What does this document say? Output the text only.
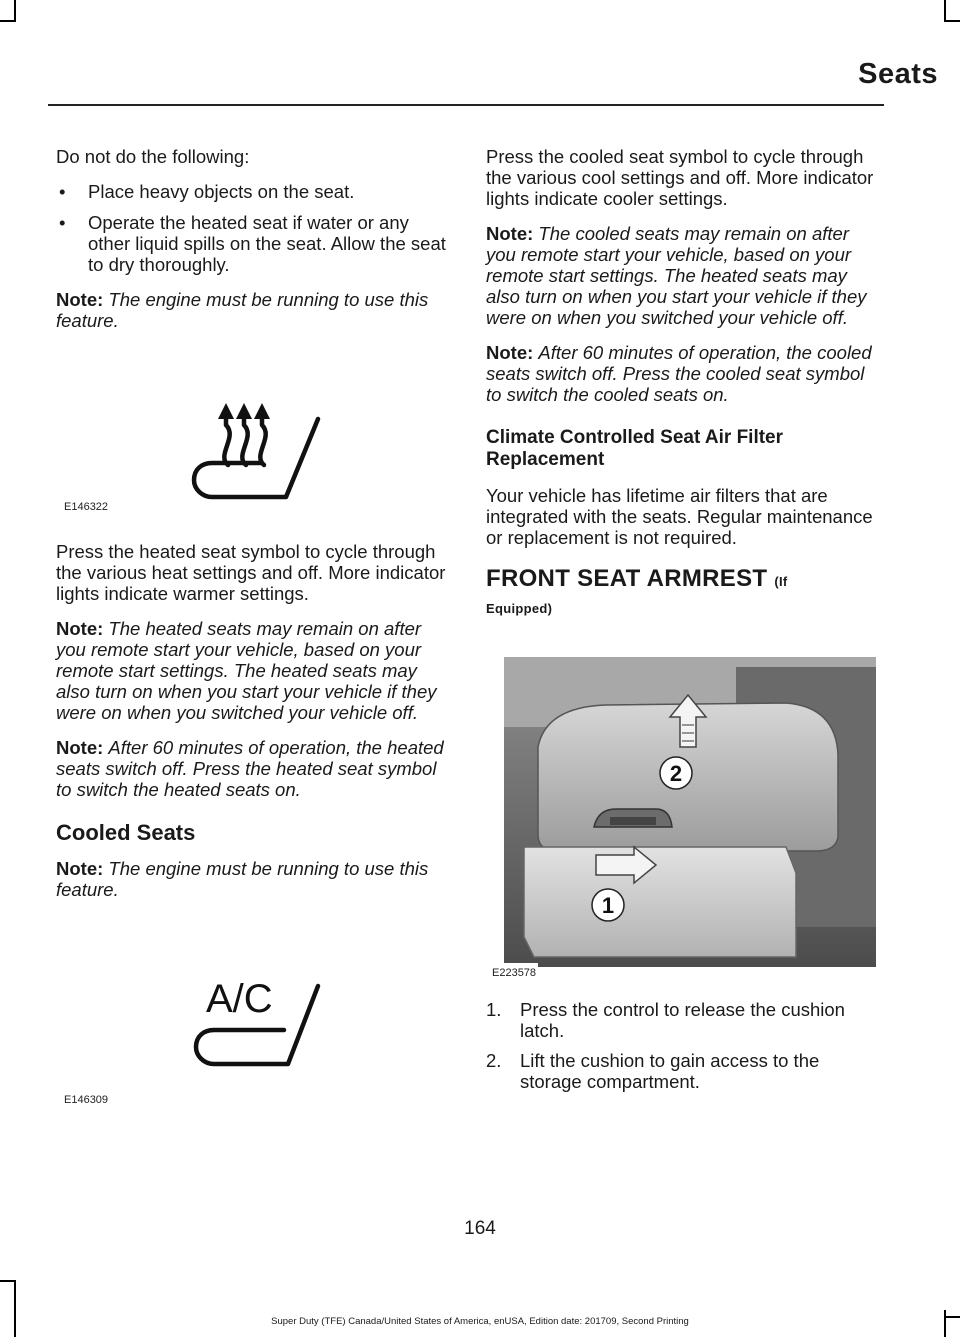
Seats

Do not do the following:

• Place heavy objects on the seat.
• Operate the heated seat if water or any other liquid spills on the seat. Allow the seat to dry thoroughly.

Note: The engine must be running to use this feature.

E146322

Press the heated seat symbol to cycle through the various heat settings and off. More indicator lights indicate warmer settings.

Note: The heated seats may remain on after you remote start your vehicle, based on your remote start settings. The heated seats may also turn on when you start your vehicle if they were on when you switched your vehicle off.

Note: After 60 minutes of operation, the heated seats switch off. Press the heated seat symbol to switch the heated seats on.

Cooled Seats

Note: The engine must be running to use this feature.

A/C
E146309

Press the cooled seat symbol to cycle through the various cool settings and off. More indicator lights indicate cooler settings.

Note: The cooled seats may remain on after you remote start your vehicle, based on your remote start settings. The heated seats may also turn on when you start your vehicle if they were on when you switched your vehicle off.

Note: After 60 minutes of operation, the cooled seats switch off. Press the cooled seat symbol to switch the cooled seats on.

Climate Controlled Seat Air Filter Replacement

Your vehicle has lifetime air filters that are integrated with the seats. Regular maintenance or replacement is not required.

FRONT SEAT ARMREST (If
Equipped)
2
1
E223578
1. Press the control to release the cushion latch.
2. Lift the cushion to gain access to the storage compartment.
164
Super Duty (TFE) Canada/United States of America, enUSA, Edition date: 201709, Second Printing
